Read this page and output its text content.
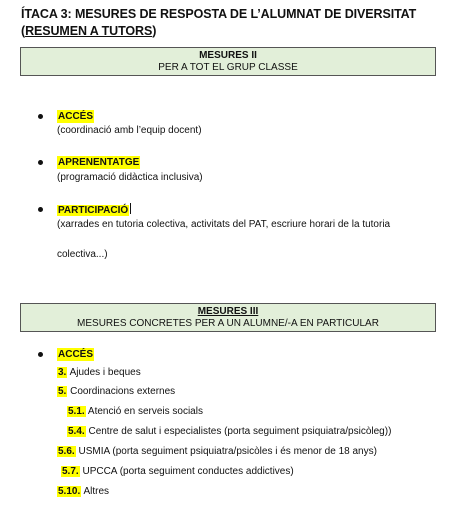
ÍTACA 3: MESURES DE RESPOSTA DE L’ALUMNAT DE DIVERSITAT
(RESUMEN A TUTORS)
MESURES II
PER A TOT EL GRUP CLASSE
ACCÉS
(coordinació amb l’equip docent)
APRENENTATGE
(programació didàctica inclusiva)
PARTICIPACIÓ
(xarrades en tutoria colectiva, activitats del PAT, escriure horari de la tutoria
colectiva...)
MESURES III
MESURES CONCRETES PER A UN ALUMNE/-A EN PARTICULAR
ACCÉS
3. Ajudes i beques
5. Coordinacions externes
5.1. Atenció en serveis socials
5.4. Centre de salut i especialistes (porta seguiment psiquiatra/psicòleg))
5.6. USMIA (porta seguiment psiquiatra/psicòles i és menor de 18 anys)
5.7. UPCCA (porta seguiment conductes addictives)
5.10. Altres
